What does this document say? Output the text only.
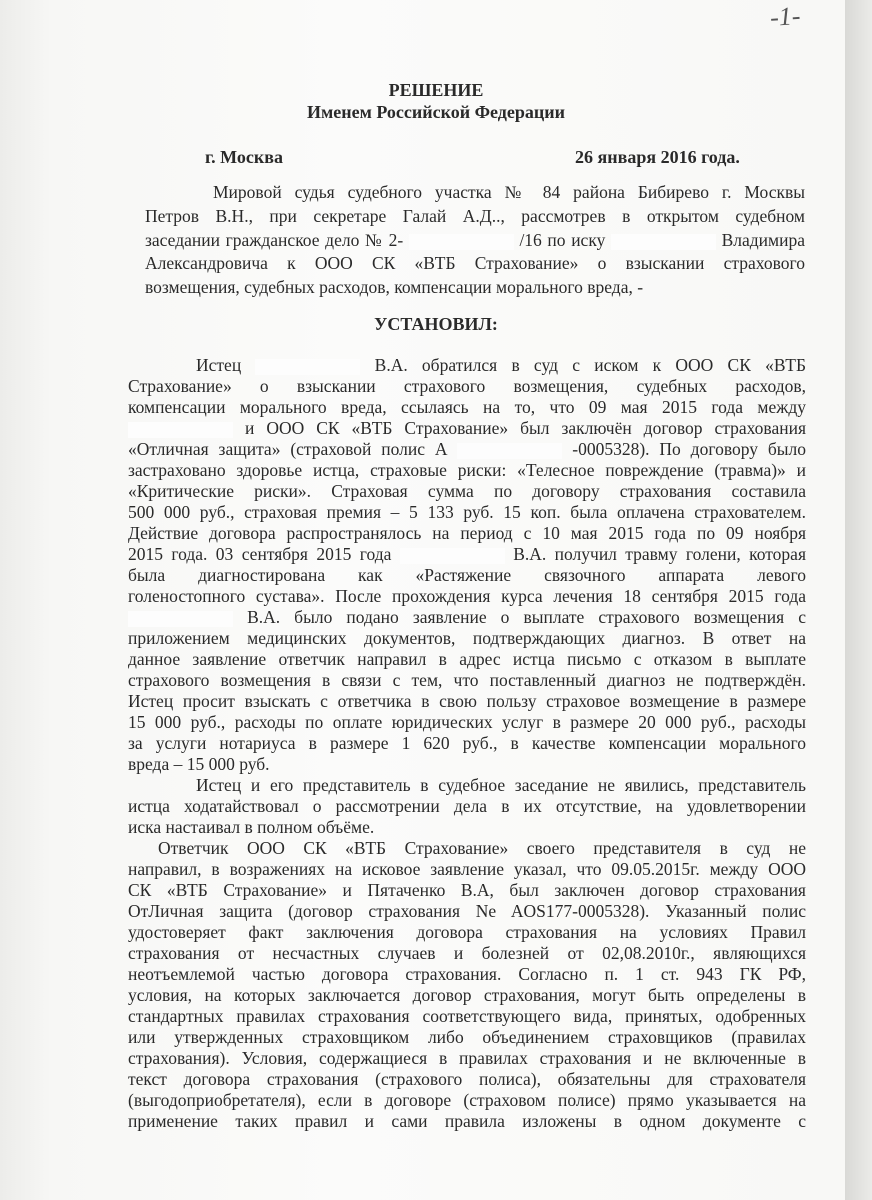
-1-
РЕШЕНИЕ
Именем Российской Федерации
г. Москва	26 января 2016 года.
Мировой судья судебного участка № 84 района Бибирево г. Москвы
Петров В.Н., при секретаре Галай А.Д.., рассмотрев в открытом судебном
заседании гражданское дело № 2-	/16 по иску	Владимира
Александровича к ООО СК «ВТБ Страхование» о взыскании страхового
возмещения, судебных расходов, компенсации морального вреда, -
УСТАНОВИЛ:
Истец	В.А. обратился в суд с иском к ООО СК «ВТБ
Страхование» о взыскании страхового возмещения, судебных расходов,
компенсации морального вреда, ссылаясь на то, что 09 мая 2015 года между
и ООО СК «ВТБ Страхование» был заключён договор страхования
«Отличная защита» (страховой полис А	-0005328). По договору было
застраховано здоровье истца, страховые риски: «Телесное повреждение (травма)» и
«Критические риски». Страховая сумма по договору страхования составила
500 000 руб., страховая премия – 5 133 руб. 15 коп. была оплачена страхователем.
Действие договора распространялось на период с 10 мая 2015 года по 09 ноября
2015 года. 03 сентября 2015 года	В.А. получил травму голени, которая
была диагностирована как «Растяжение связочного аппарата левого
голеностопного сустава». После прохождения курса лечения 18 сентября 2015 года
В.А. было подано заявление о выплате страхового возмещения с
приложением медицинских документов, подтверждающих диагноз. В ответ на
данное заявление ответчик направил в адрес истца письмо с отказом в выплате
страхового возмещения в связи с тем, что поставленный диагноз не подтверждён.
Истец просит взыскать с ответчика в свою пользу страховое возмещение в размере
15 000 руб., расходы по оплате юридических услуг в размере 20 000 руб., расходы
за услуги нотариуса в размере 1 620 руб., в качестве компенсации морального
вреда – 15 000 руб.
Истец и его представитель в судебное заседание не явились, представитель
истца ходатайствовал о рассмотрении дела в их отсутствие, на удовлетворении
иска настаивал в полном объёме.
Ответчик ООО СК «ВТБ Страхование» своего представителя в суд не
направил, в возражениях на исковое заявление указал, что 09.05.2015г. между ООО
СК «ВТБ Страхование» и Пятаченко В.А, был заключен договор страхования
ОтЛичная защита (договор страхования Ne AOS177-0005328). Указанный полис
удостоверяет факт заключения договора страхования на условиях Правил
страхования от несчастных случаев и болезней от 02,08.2010г., являющихся
неотъемлемой частью договора страхования. Согласно п. 1 ст. 943 ГК РФ,
условия, на которых заключается договор страхования, могут быть определены в
стандартных правилах страхования соответствующего вида, принятых, одобренных
или утвержденных страховщиком либо объединением страховщиков (правилах
страхования). Условия, содержащиеся в правилах страхования и не включенные в
текст договора страхования (страхового полиса), обязательны для страхователя
(выгодоприобретателя), если в договоре (страховом полисе) прямо указывается на
применение таких правил и сами правила изложены в одном документе с
